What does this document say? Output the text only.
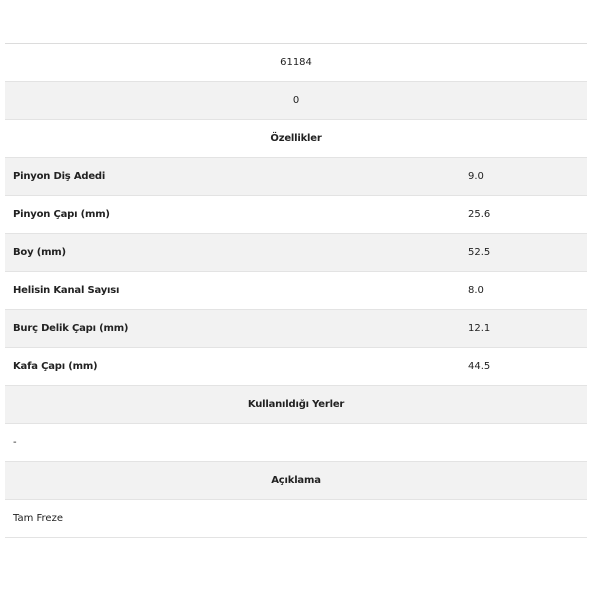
61184
0
Özellikler
Pinyon Diş Adedi	9.0
Pinyon Çapı (mm)	25.6
Boy (mm)	52.5
Helisin Kanal Sayısı	8.0
Burç Delik Çapı (mm)	12.1
Kafa Çapı (mm)	44.5
Kullanıldığı Yerler
-
Açıklama
Tam Freze
